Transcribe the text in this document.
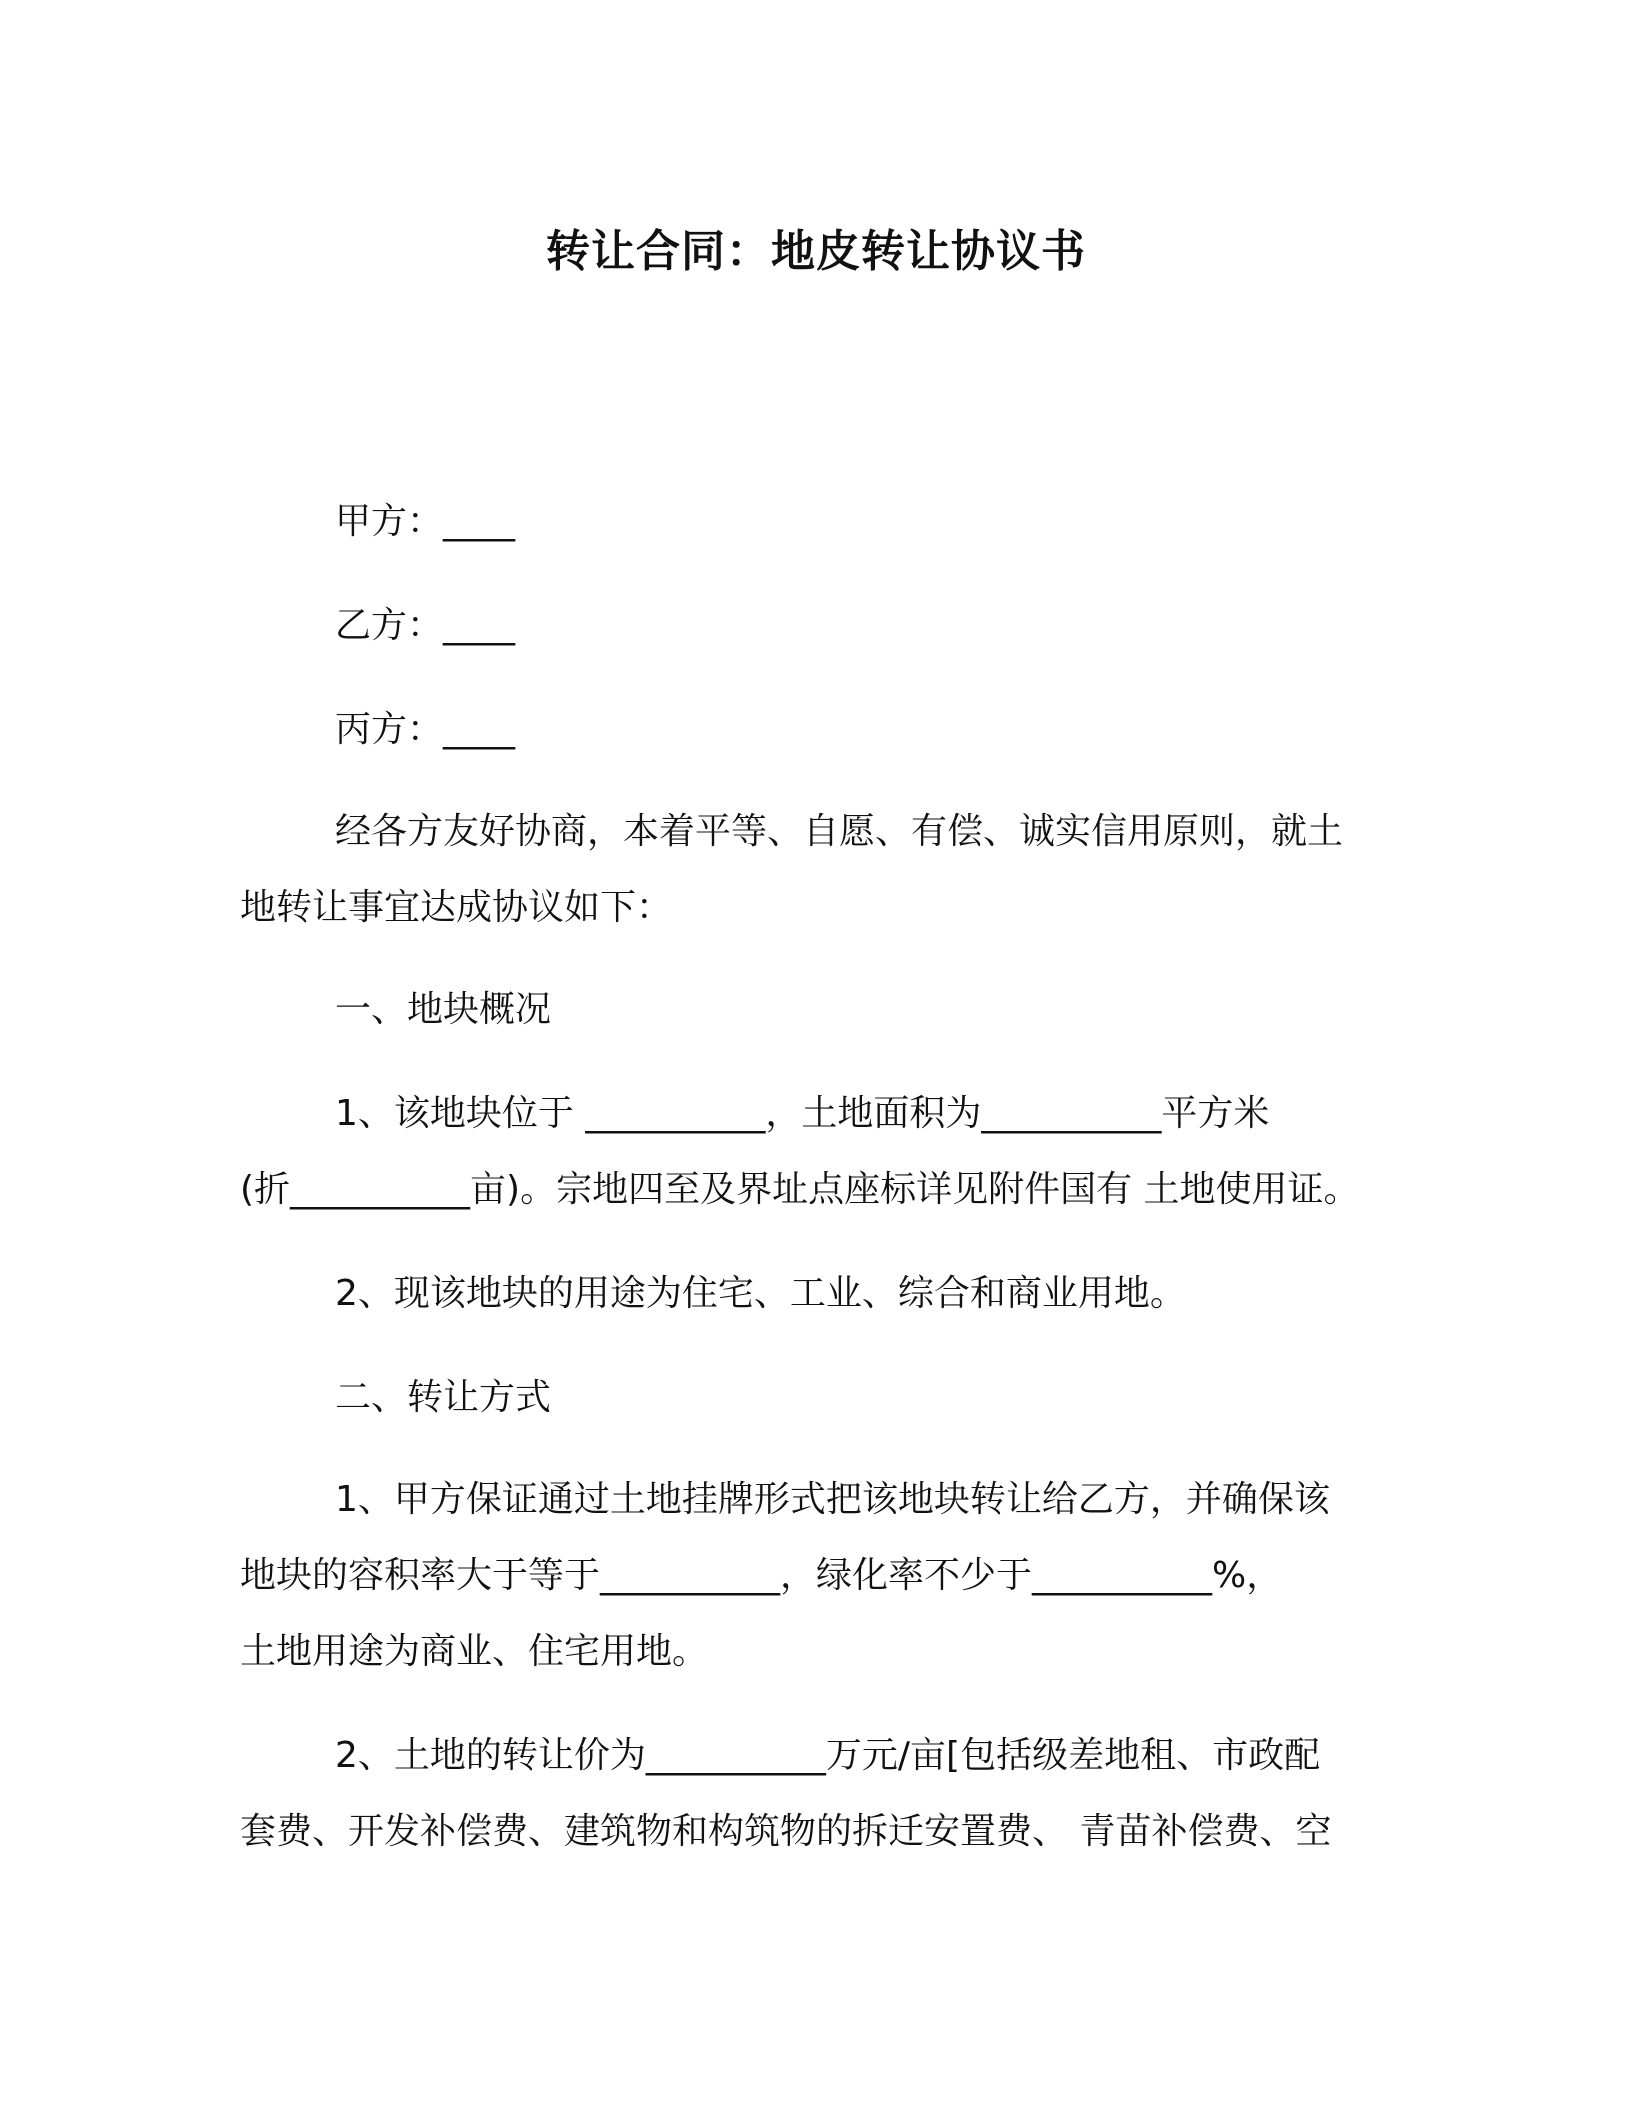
转让合同：地皮转让协议书
甲方：____
乙方：____
丙方：____
经各方友好协商，本着平等、自愿、有偿、诚实信用原则，就土
地转让事宜达成协议如下：
一、地块概况
1、该地块位于 __________，土地面积为__________平方米
(折__________亩)。宗地四至及界址点座标详见附件国有 土地使用证。
2、现该地块的用途为住宅、工业、综合和商业用地。
二、转让方式
1、甲方保证通过土地挂牌形式把该地块转让给乙方，并确保该
地块的容积率大于等于__________，绿化率不少于__________%，
土地用途为商业、住宅用地。
2、土地的转让价为__________万元/亩[包括级差地租、市政配
套费、开发补偿费、建筑物和构筑物的拆迁安置费、 青苗补偿费、空
